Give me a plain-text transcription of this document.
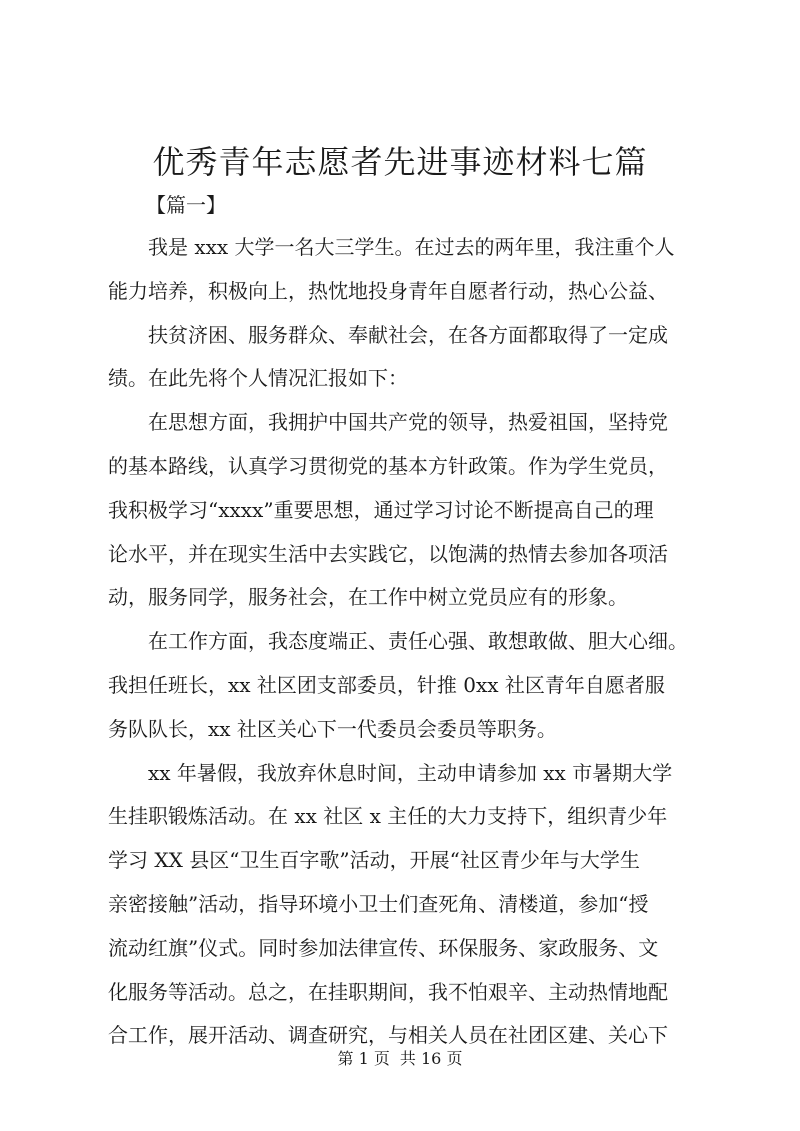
优秀青年志愿者先进事迹材料七篇
【篇一】
我是 xxx 大学一名大三学生。在过去的两年里，我注重个人
能力培养，积极向上，热忱地投身青年自愿者行动，热心公益、
扶贫济困、服务群众、奉献社会，在各方面都取得了一定成
绩。在此先将个人情况汇报如下：
在思想方面，我拥护中国共产党的领导，热爱祖国，坚持党
的基本路线，认真学习贯彻党的基本方针政策。作为学生党员，
我积极学习“xxxx”重要思想，通过学习讨论不断提高自己的理
论水平，并在现实生活中去实践它，以饱满的热情去参加各项活
动，服务同学，服务社会，在工作中树立党员应有的形象。
在工作方面，我态度端正、责任心强、敢想敢做、胆大心细。
我担任班长，xx 社区团支部委员，针推 0xx 社区青年自愿者服
务队队长，xx 社区关心下一代委员会委员等职务。
xx 年暑假，我放弃休息时间，主动申请参加 xx 市暑期大学
生挂职锻炼活动。在 xx 社区 x 主任的大力支持下，组织青少年
学习 XX 县区“卫生百字歌”活动，开展“社区青少年与大学生
亲密接触”活动，指导环境小卫士们查死角、清楼道，参加“授
流动红旗”仪式。同时参加法律宣传、环保服务、家政服务、文
化服务等活动。总之，在挂职期间，我不怕艰辛、主动热情地配
合工作，展开活动、调查研究，与相关人员在社团区建、关心下
第 1 页 共 16 页
